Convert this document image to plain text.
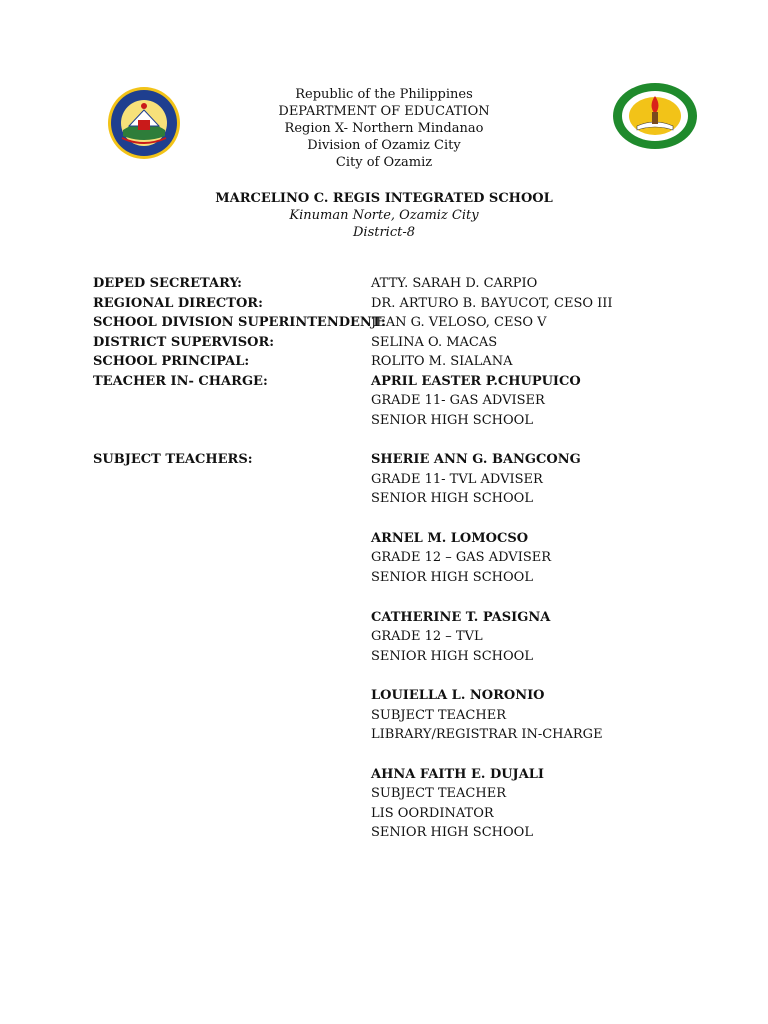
Republic of the Philippines
DEPARTMENT OF EDUCATION
Region X- Northern Mindanao
Division of Ozamiz City
City of Ozamiz
MARCELINO C. REGIS INTEGRATED SCHOOL
Kinuman Norte, Ozamiz City
District-8
DEPED SECRETARY:	ATTY. SARAH D. CARPIO
REGIONAL DIRECTOR:	DR. ARTURO B. BAYUCOT, CESO III
SCHOOL DIVISION SUPERINTENDENT:
JEAN G. VELOSO, CESO V
DISTRICT SUPERVISOR:	SELINA O. MACAS
SCHOOL PRINCIPAL:	ROLITO M. SIALANA
TEACHER IN- CHARGE:	APRIL EASTER P.CHUPUICO
GRADE 11- GAS ADVISER
SENIOR HIGH SCHOOL
SUBJECT TEACHERS:	SHERIE ANN G. BANGCONG
GRADE 11- TVL ADVISER
SENIOR HIGH SCHOOL
ARNEL M. LOMOCSO
GRADE 12 – GAS ADVISER
SENIOR HIGH SCHOOL
CATHERINE T. PASIGNA
GRADE 12 – TVL
SENIOR HIGH SCHOOL
LOUIELLA L. NORONIO
SUBJECT TEACHER
LIBRARY/REGISTRAR IN-CHARGE
AHNA FAITH E. DUJALI
SUBJECT TEACHER
LIS OORDINATOR
SENIOR HIGH SCHOOL
